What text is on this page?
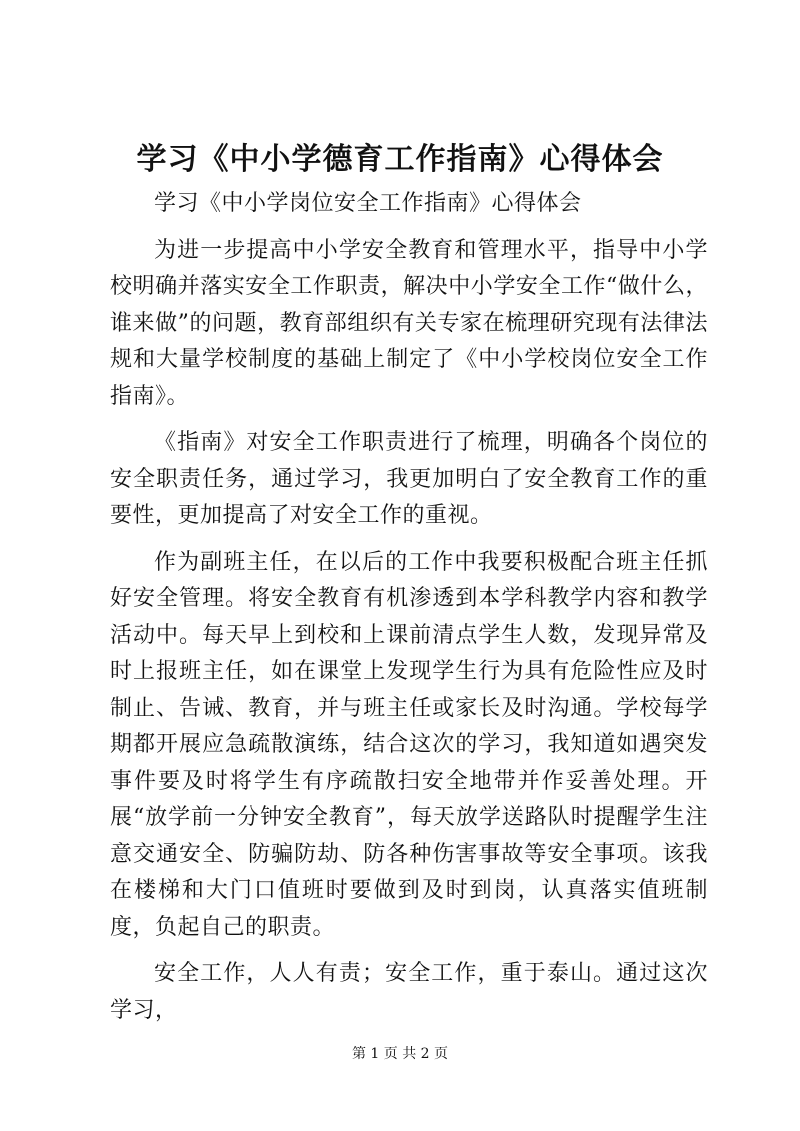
学习《中小学德育工作指南》心得体会

学习《中小学岗位安全工作指南》心得体会

为进一步提高中小学安全教育和管理水平，指导中小学校明确并落实安全工作职责，解决中小学安全工作“做什么，谁来做”的问题，教育部组织有关专家在梳理研究现有法律法规和大量学校制度的基础上制定了《中小学校岗位安全工作指南》。

《指南》对安全工作职责进行了梳理，明确各个岗位的安全职责任务，通过学习，我更加明白了安全教育工作的重要性，更加提高了对安全工作的重视。

作为副班主任，在以后的工作中我要积极配合班主任抓好安全管理。将安全教育有机渗透到本学科教学内容和教学活动中。每天早上到校和上课前清点学生人数，发现异常及时上报班主任，如在课堂上发现学生行为具有危险性应及时制止、告诫、教育，并与班主任或家长及时沟通。学校每学期都开展应急疏散演练，结合这次的学习，我知道如遇突发事件要及时将学生有序疏散扫安全地带并作妥善处理。开展“放学前一分钟安全教育”，每天放学送路队时提醒学生注意交通安全、防骗防劫、防各种伤害事故等安全事项。该我在楼梯和大门口值班时要做到及时到岗，认真落实值班制度，负起自己的职责。

安全工作，人人有责；安全工作，重于泰山。通过这次学习，

第 1 页 共 2 页
